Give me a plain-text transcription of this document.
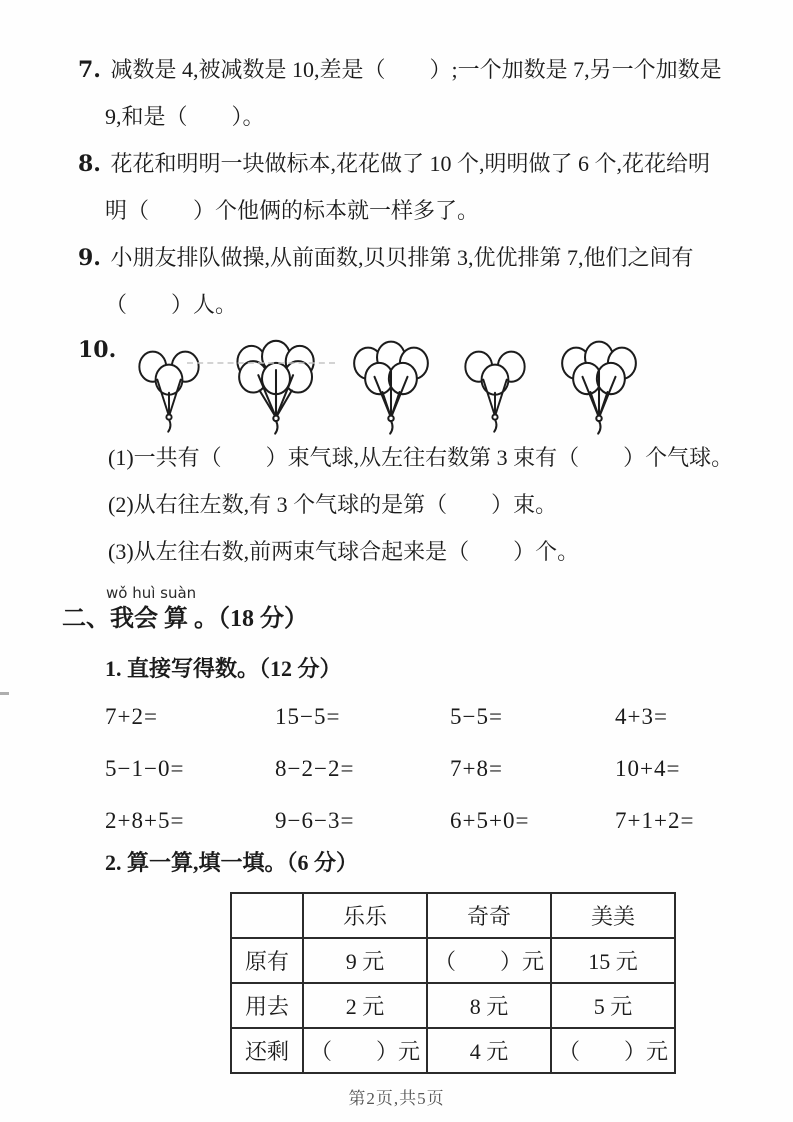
7. 减数是 4,被减数是 10,差是（　　）;一个加数是 7,另一个加数是
9,和是（　　）。
8. 花花和明明一块做标本,花花做了 10 个,明明做了 6 个,花花给明
明（　　）个他俩的标本就一样多了。
9. 小朋友排队做操,从前面数,贝贝排第 3,优优排第 7,他们之间有
（　　）人。
10.
(1)一共有（　　）束气球,从左往右数第 3 束有（　　）个气球。
(2)从右往左数,有 3 个气球的是第（　　）束。
(3)从左往右数,前两束气球合起来是（　　）个。
wǒ huì suàn
二、我会 算 。（18 分）
1. 直接写得数。（12 分）
7+2=	15−5=	5−5=	4+3=
5−1−0=	8−2−2=	7+8=	10+4=
2+8+5=	9−6−3=	6+5+0=	7+1+2=
2. 算一算,填一填。（6 分）
	乐乐	奇奇	美美
原有	9 元	（　　）元	15 元
用去	2 元	8 元	5 元
还剩	（　　）元	4 元	（　　）元
第2页,共5页
